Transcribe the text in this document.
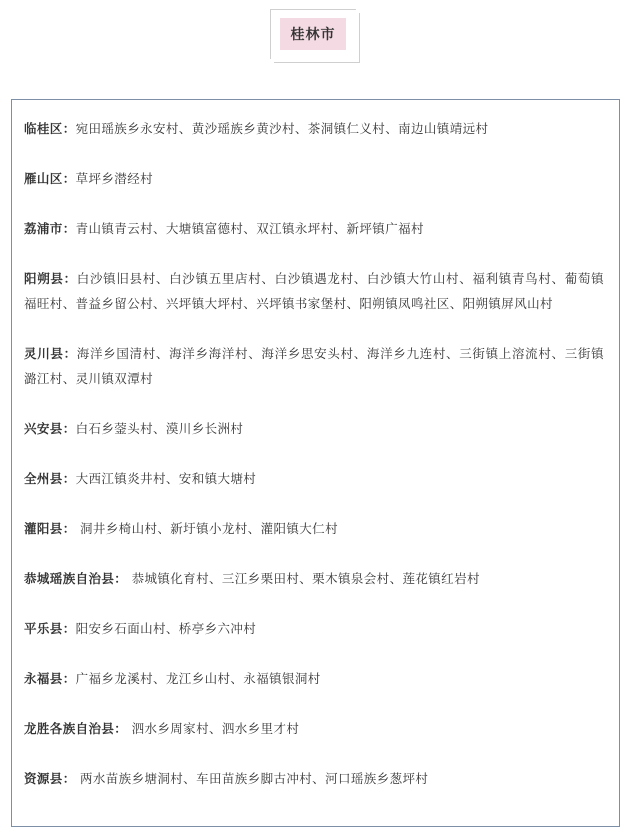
桂林市
临桂区：宛田瑶族乡永安村、黄沙瑶族乡黄沙村、茶洞镇仁义村、南边山镇靖远村
雁山区：草坪乡潜经村
荔浦市：青山镇青云村、大塘镇富德村、双江镇永坪村、新坪镇广福村
阳朔县：白沙镇旧县村、白沙镇五里店村、白沙镇遇龙村、白沙镇大竹山村、福利镇青鸟村、葡萄镇福旺村、普益乡留公村、兴坪镇大坪村、兴坪镇书家堡村、阳朔镇凤鸣社区、阳朔镇屏风山村
灵川县：海洋乡国清村、海洋乡海洋村、海洋乡思安头村、海洋乡九连村、三街镇上溶流村、三街镇潞江村、灵川镇双潭村
兴安县：白石乡蓥头村、漠川乡长洲村
全州县：大西江镇炎井村、安和镇大塘村
灌阳县： 洞井乡椅山村、新圩镇小龙村、灌阳镇大仁村
恭城瑶族自治县： 恭城镇化育村、三江乡栗田村、栗木镇泉会村、莲花镇红岩村
平乐县：阳安乡石面山村、桥亭乡六冲村
永福县：广福乡龙溪村、龙江乡山村、永福镇银洞村
龙胜各族自治县： 泗水乡周家村、泗水乡里才村
资源县： 两水苗族乡塘洞村、车田苗族乡脚古冲村、河口瑶族乡葱坪村
